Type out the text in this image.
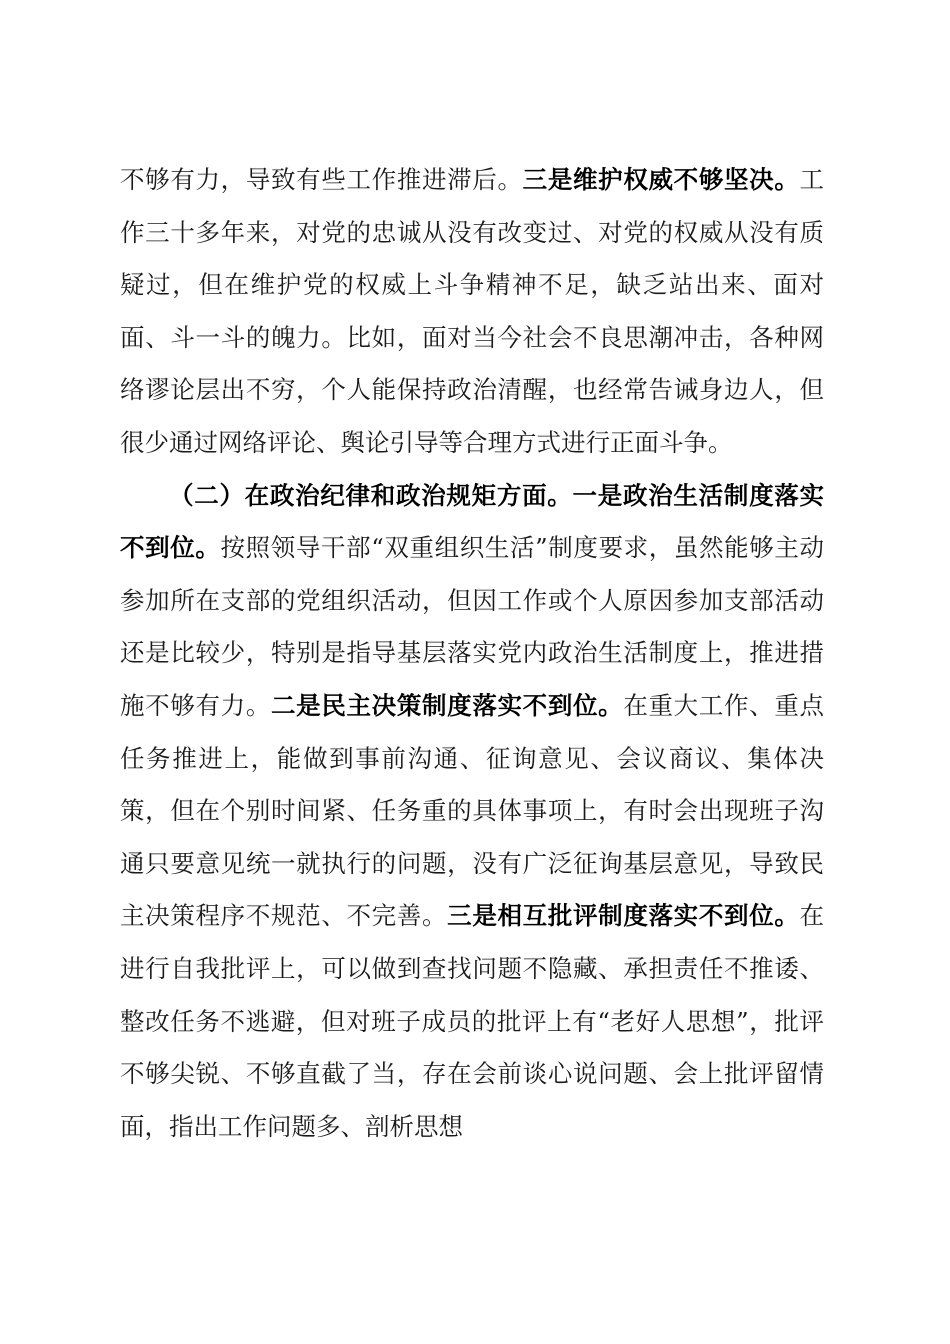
不够有力，导致有些工作推进滞后。三是维护权威不够坚决。工作三十多年来，对党的忠诚从没有改变过、对党的权威从没有质疑过，但在维护党的权威上斗争精神不足，缺乏站出来、面对面、斗一斗的魄力。比如，面对当今社会不良思潮冲击，各种网络谬论层出不穷，个人能保持政治清醒，也经常告诫身边人，但很少通过网络评论、舆论引导等合理方式进行正面斗争。

（二）在政治纪律和政治规矩方面。一是政治生活制度落实不到位。按照领导干部“双重组织生活”制度要求，虽然能够主动参加所在支部的党组织活动，但因工作或个人原因参加支部活动还是比较少，特别是指导基层落实党内政治生活制度上，推进措施不够有力。二是民主决策制度落实不到位。在重大工作、重点任务推进上，能做到事前沟通、征询意见、会议商议、集体决策，但在个别时间紧、任务重的具体事项上，有时会出现班子沟通只要意见统一就执行的问题，没有广泛征询基层意见，导致民主决策程序不规范、不完善。三是相互批评制度落实不到位。在进行自我批评上，可以做到查找问题不隐藏、承担责任不推诿、整改任务不逃避，但对班子成员的批评上有“老好人思想”，批评不够尖锐、不够直截了当，存在会前谈心说问题、会上批评留情面，指出工作问题多、剖析思想
